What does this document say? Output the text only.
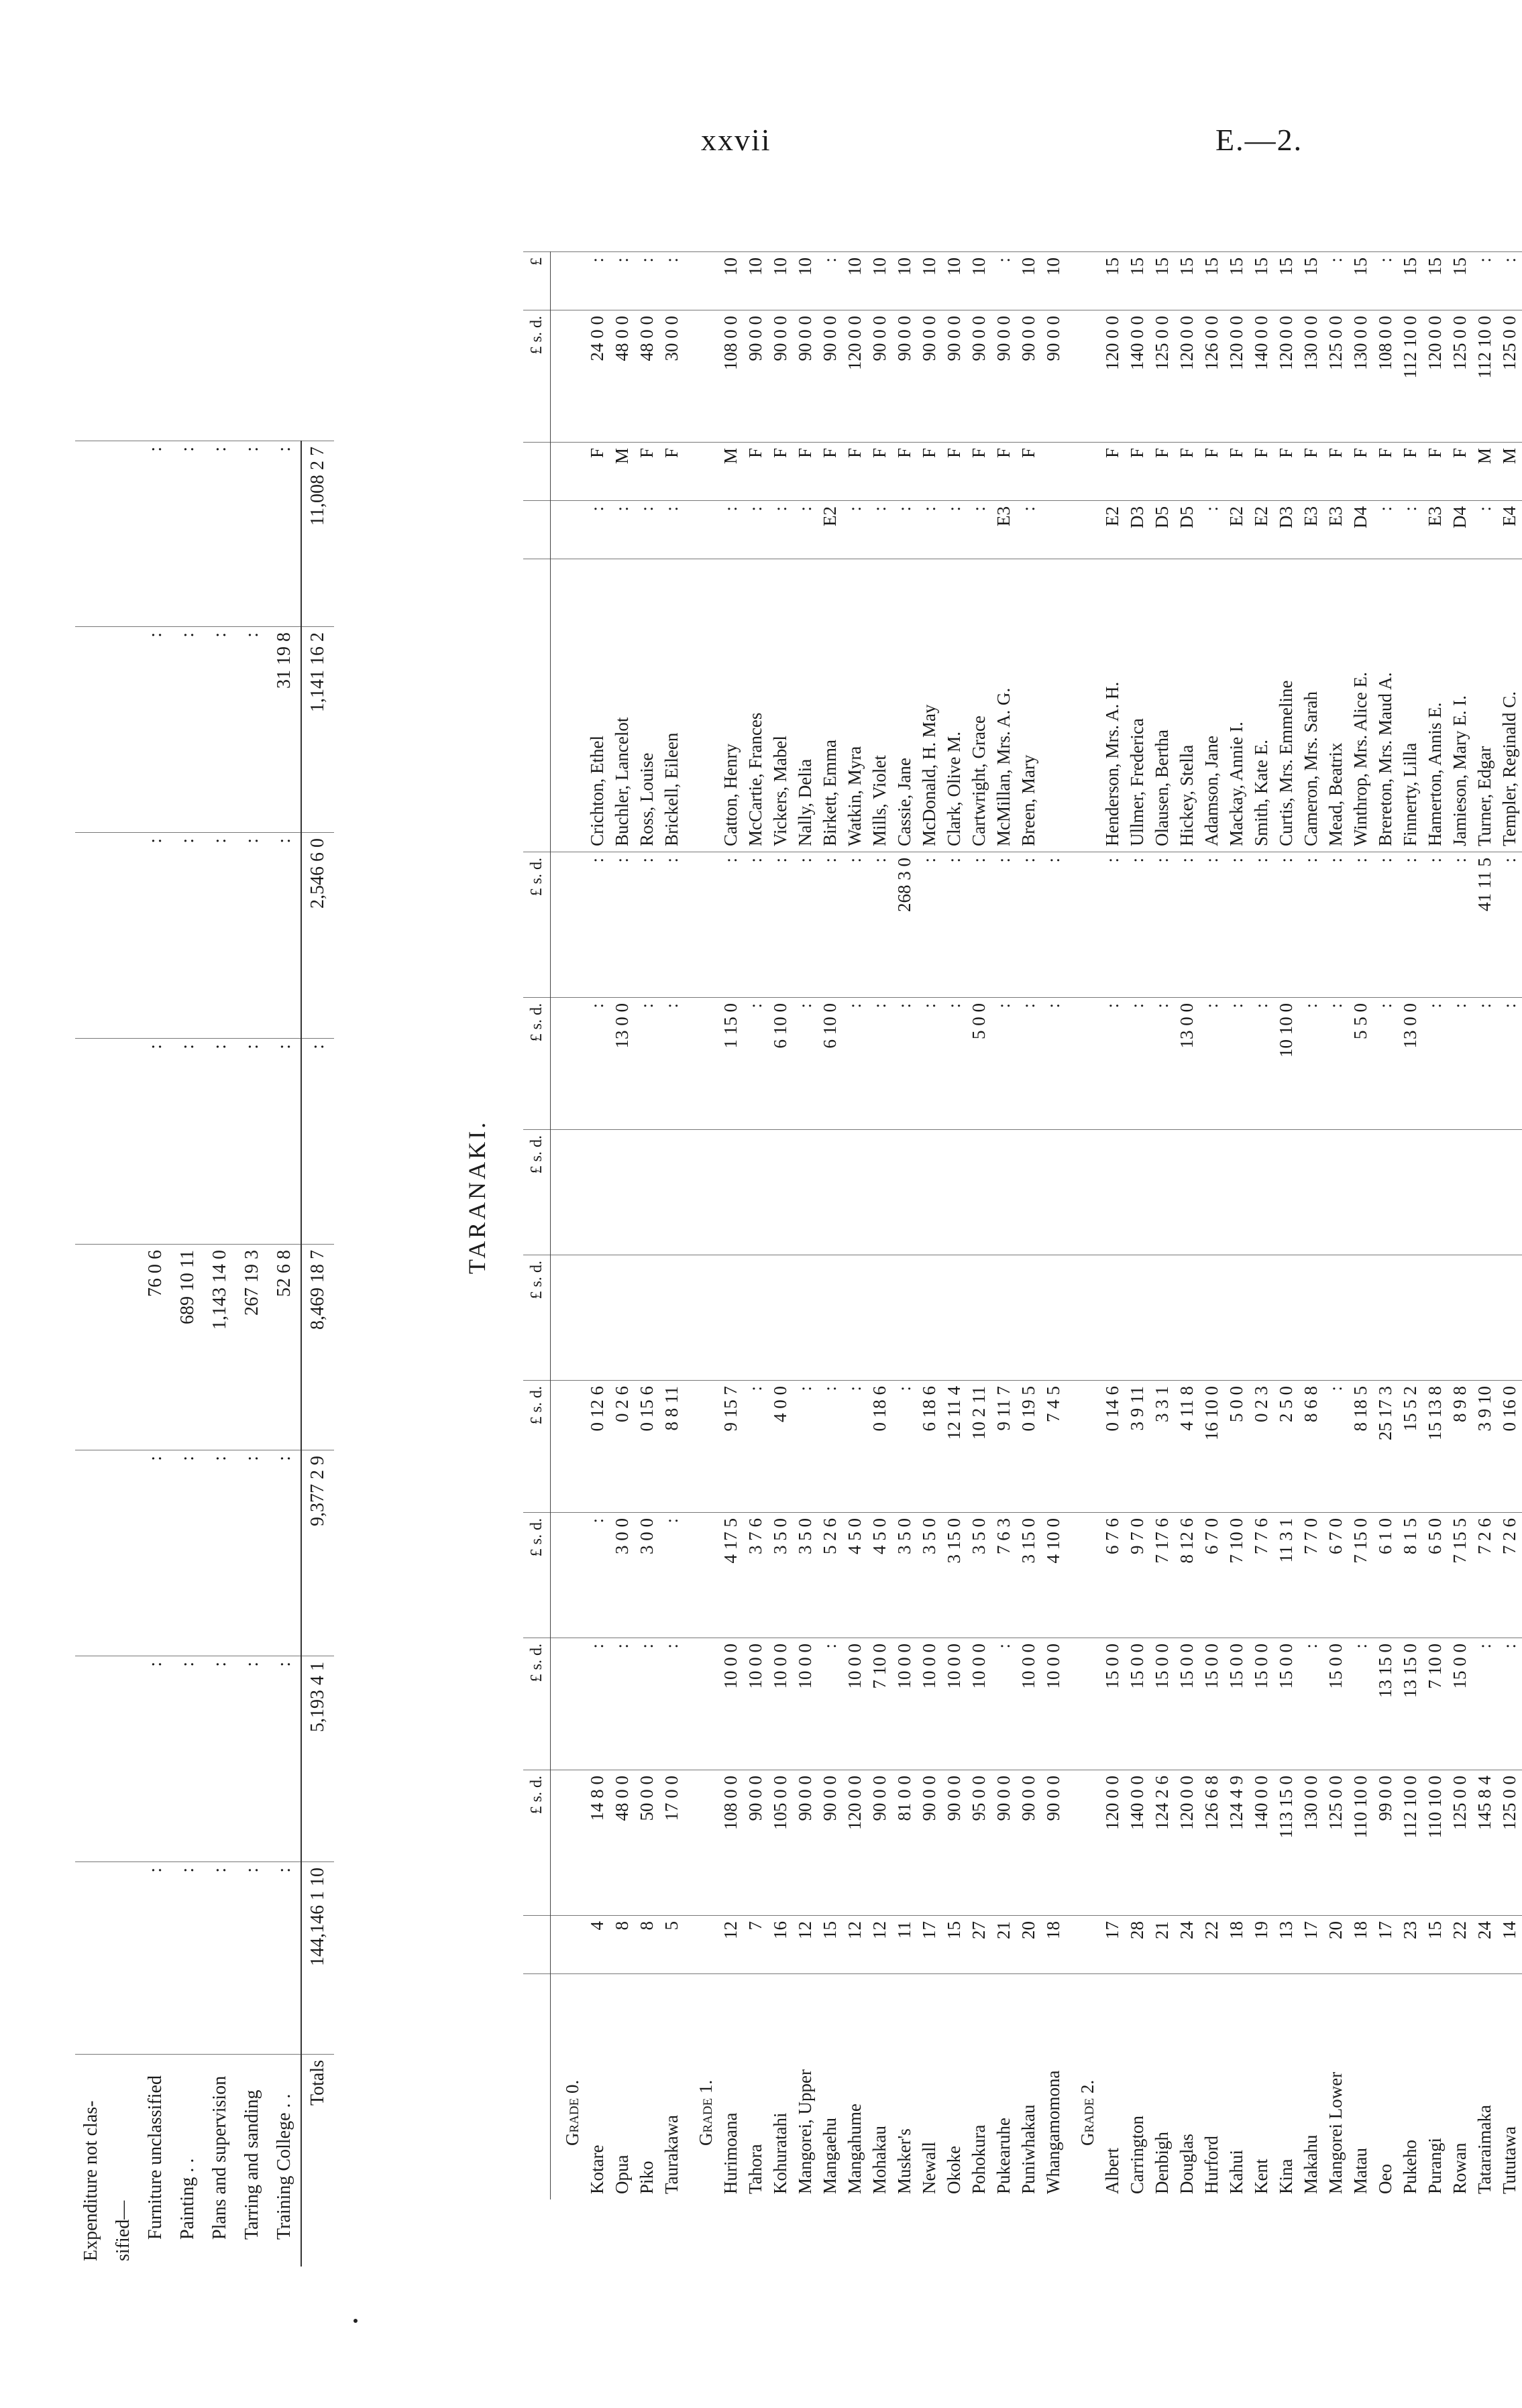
xxvii	E.—2.
Expenditure not clas-								
sified—								
Furniture unclassified	:	:	:	76 0 6	:	:	:	:
Painting . .	:	:	:	689 10 11	:	:	:	:
Plans and supervision	:	:	:	1,143 14 0	:	:	:	:
Tarring and sanding	:	:	:	267 19 3	:	:	:	:
Training College . .	:	:	:	52 6 8	:	:	31 19 8	:
Totals	144,146 1 10	5,193 4 1	9,377 2 9	8,469 18 7	:	2,546 6 0	1,141 16 2	11,008 2 7
TARANAKI.
		£ s. d.	£ s. d.	£ s. d.	£ s. d.	£ s. d.	£ s. d.	£ s. d.	£ s. d.				£ s. d.	£
Grade 0.														
Kotare	4	14 8 0	:	:	0 12 6			:	:	Crichton, Ethel	:	F	24 0 0	:
Opua	8	48 0 0	:	3 0 0	0 2 6			13 0 0	:	Buchler, Lancelot	:	M	48 0 0	:
Piko	8	50 0 0	:	3 0 0	0 15 6			:	:	Ross, Louise	:	F	48 0 0	:
Taurakawa	5	17 0 0	:	:	8 8 11			:	:	Brickell, Eileen	:	F	30 0 0	:
Grade 1.														
Hurimoana	12	108 0 0	10 0 0	4 17 5	9 15 7			1 15 0	:	Catton, Henry	:	M	108 0 0	10
Tahora	7	90 0 0	10 0 0	3 7 6	:			:	:	McCartie, Frances	:	F	90 0 0	10
Kohuratahi	16	105 0 0	10 0 0	3 5 0	4 0 0			6 10 0	:	Vickers, Mabel	:	F	90 0 0	10
Mangorei, Upper	12	90 0 0	10 0 0	3 5 0	:			:	:	Nally, Delia	:	F	90 0 0	10
Mangaehu	15	90 0 0	:	5 2 6	:			6 10 0	:	Birkett, Emma	E2	F	90 0 0	:
Mangahume	12	120 0 0	10 0 0	4 5 0	:			:	:	Watkin, Myra	:	F	120 0 0	10
Mohakau	12	90 0 0	7 10 0	4 5 0	0 18 6			:	:	Mills, Violet	:	F	90 0 0	10
Musker's	11	81 0 0	10 0 0	3 5 0	:			:	268 3 0	Cassie, Jane	:	F	90 0 0	10
Newall	17	90 0 0	10 0 0	3 5 0	6 18 6			:	:	McDonald, H. May	:	F	90 0 0	10
Okoke	15	90 0 0	10 0 0	3 15 0	12 11 4			:	:	Clark, Olive M.	:	F	90 0 0	10
Pohokura	27	95 0 0	10 0 0	3 5 0	10 2 11			5 0 0	:	Cartwright, Grace	:	F	90 0 0	10
Pukearuhe	21	90 0 0	:	7 6 3	9 11 7			:	:	McMillan, Mrs. A. G.	E3	F	90 0 0	:
Puniwhakau	20	90 0 0	10 0 0	3 15 0	0 19 5			:	:	Breen, Mary	:	F	90 0 0	10
Whangamomona	18	90 0 0	10 0 0	4 10 0	7 4 5			:	:				90 0 0	10
Grade 2.														
Albert	17	120 0 0	15 0 0	6 7 6	0 14 6			:	:	Henderson, Mrs. A. H.	E2	F	120 0 0	15
Carrington	28	140 0 0	15 0 0	9 7 0	3 9 11			:	:	Ullmer, Frederica	D3	F	140 0 0	15
Denbigh	21	124 2 6	15 0 0	7 17 6	3 3 1			:	:	Olausen, Bertha	D5	F	125 0 0	15
Douglas	24	120 0 0	15 0 0	8 12 6	4 11 8			13 0 0	:	Hickey, Stella	D5	F	120 0 0	15
Hurford	22	126 6 8	15 0 0	6 7 0	16 10 0			:	:	Adamson, Jane	:	F	126 0 0	15
Kahui	18	124 4 9	15 0 0	7 10 0	5 0 0			:	:	Mackay, Annie I.	E2	F	120 0 0	15
Kent	19	140 0 0	15 0 0	7 7 6	0 2 3			:	:	Smith, Kate E.	E2	F	140 0 0	15
Kina	13	113 15 0	15 0 0	11 3 1	2 5 0			10 10 0	:	Curtis, Mrs. Emmeline	D3	F	120 0 0	15
Makahu	17	130 0 0	:	7 7 0	8 6 8			:	:	Cameron, Mrs. Sarah	E3	F	130 0 0	15
Mangorei Lower	20	125 0 0	15 0 0	6 7 0	:			:	:	Mead, Beatrix	E3	F	125 0 0	:
Matau	18	110 10 0	:	7 15 0	8 18 5			5 5 0	:	Winthrop, Mrs. Alice E.	D4	F	130 0 0	15
Oeo	17	99 0 0	13 15 0	6 1 0	25 17 3			:	:	Brereton, Mrs. Maud A.	:	F	108 0 0	:
Pukeho	23	112 10 0	13 15 0	8 1 5	15 5 2			13 0 0	:	Finnerty, Lilla	:	F	112 10 0	15
Purangi	15	110 10 0	7 10 0	6 5 0	15 13 8			:	:	Hamerton, Annis E.	E3	F	120 0 0	15
Rowan	22	125 0 0	15 0 0	7 15 5	8 9 8			:	:	Jamieson, Mary E. I.	D4	F	125 0 0	15
Tataraimaka	24	145 8 4	:	7 2 6	3 9 10			:	41 11 5	Turner, Edgar	:	M	112 10 0	:
Tututawa	14	125 0 0	:	7 2 6	0 16 0			:	:	Templer, Reginald C.	E4	M	125 0 0	:
